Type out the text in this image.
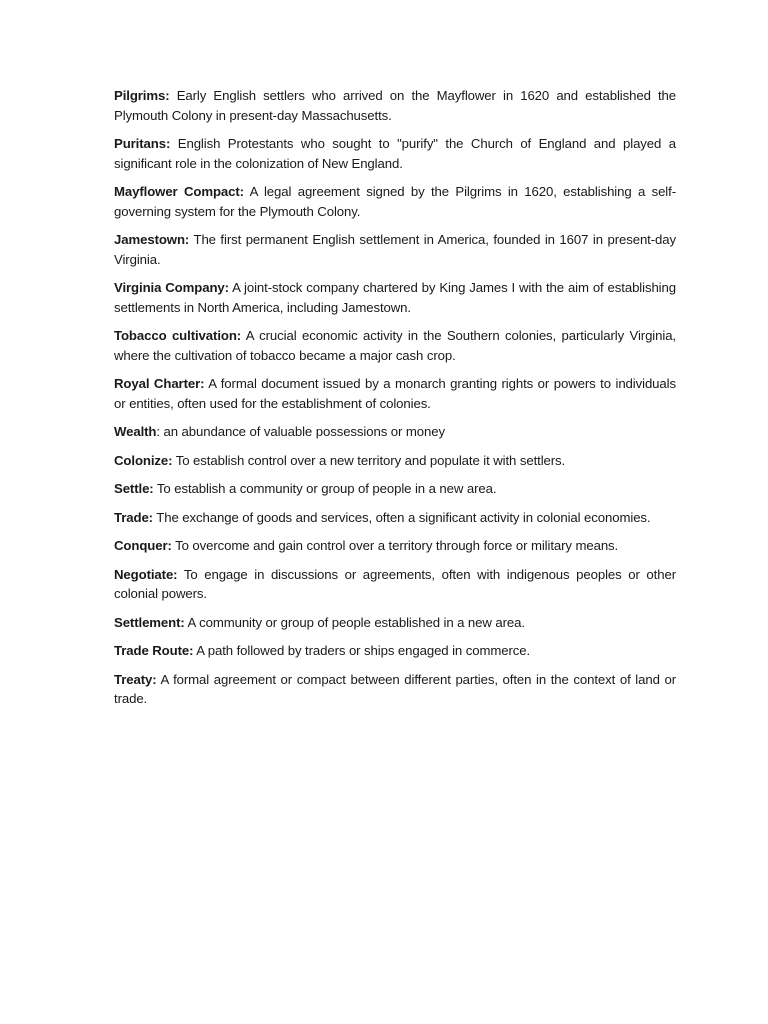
Pilgrims: Early English settlers who arrived on the Mayflower in 1620 and established the Plymouth Colony in present-day Massachusetts.

Puritans: English Protestants who sought to "purify" the Church of England and played a significant role in the colonization of New England.

Mayflower Compact: A legal agreement signed by the Pilgrims in 1620, establishing a self-governing system for the Plymouth Colony.

Jamestown: The first permanent English settlement in America, founded in 1607 in present-day Virginia.

Virginia Company: A joint-stock company chartered by King James I with the aim of establishing settlements in North America, including Jamestown.

Tobacco cultivation: A crucial economic activity in the Southern colonies, particularly Virginia, where the cultivation of tobacco became a major cash crop.

Royal Charter: A formal document issued by a monarch granting rights or powers to individuals or entities, often used for the establishment of colonies.

Wealth: an abundance of valuable possessions or money

Colonize: To establish control over a new territory and populate it with settlers.

Settle: To establish a community or group of people in a new area.

Trade: The exchange of goods and services, often a significant activity in colonial economies.

Conquer: To overcome and gain control over a territory through force or military means.

Negotiate: To engage in discussions or agreements, often with indigenous peoples or other colonial powers.

Settlement: A community or group of people established in a new area.

Trade Route: A path followed by traders or ships engaged in commerce.

Treaty: A formal agreement or compact between different parties, often in the context of land or trade.
